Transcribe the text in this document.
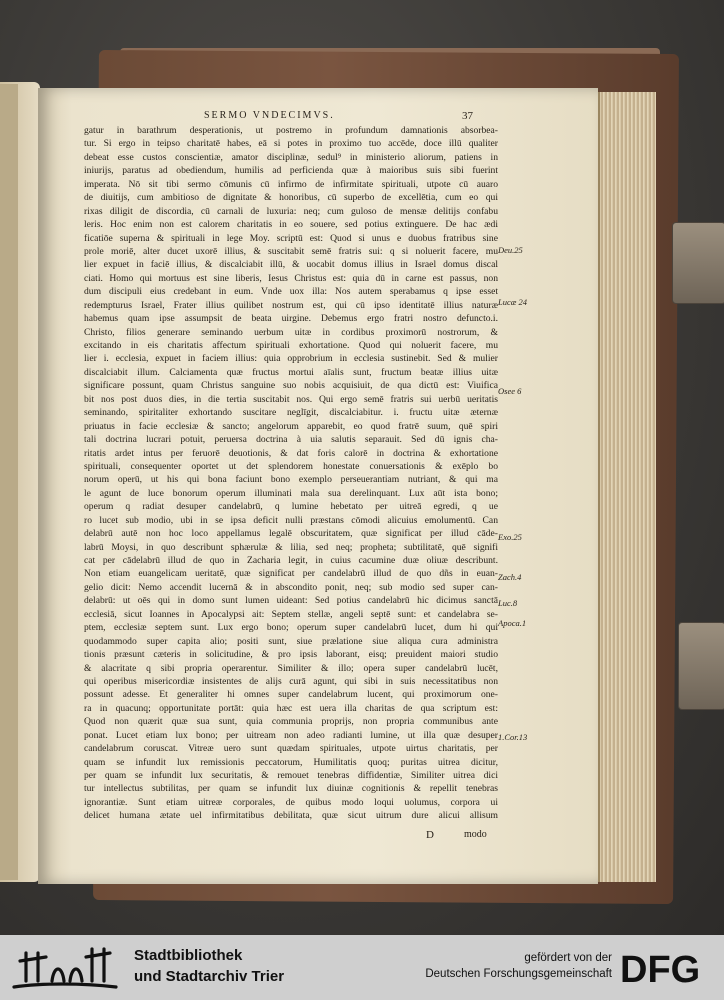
SERMO VNDECIMVS.	37
gatur in barathrum desperationis, ut postremo in profundum damnationis absorbea-
tur. Si ergo in teipso charitatē habes, eā si potes in proximo tuo accēde, doce illū qualiter
debeat esse custos conscientiæ, amator disciplinæ, sedul⁹ in ministerio aliorum, patiens in
iniurijs, paratus ad obediendum, humilis ad perficienda quæ à maioribus suis sibi fuerint
imperata. Nō sit tibi sermo cōmunis cū infirmo de infirmitate spirituali, utpote cū auaro
de diuitijs, cum ambitioso de dignitate & honoribus, cū superbo de excellētia, cum eo qui
rixas diligit de discordia, cū carnali de luxuria: neq; cum guloso de mensæ delitijs confabu
leris. Hoc enim non est calorem charitatis in eo souere, sed potius extinguere. De hac ædi
ficatiōe superna & spirituali in lege Moy. scriptū est: Quod si unus e duobus fratribus sine
prole moriē, alter ducet uxorē illius, & suscitabit semē fratris sui: q si noluerit facere, mu
lier expuet in faciē illius, & discalciabit illū, & uocabit domus illius in Israel domus discal
ciati. Homo qui mortuus est sine liberis, Iesus Christus est: quia dū in carne est passus, non
dum discipuli eius credebant in eum. Vnde uox illa: Nos autem sperabamus q ipse esset
redempturus Israel, Frater illius quilibet nostrum est, qui cū ipso identitatē illius naturæ
habemus quam ipse assumpsit de beata uirgine. Debemus ergo fratri nostro defuncto.i.
Christo, filios generare seminando uerbum uitæ in cordibus proximorū nostrorum, &
excitando in eis charitatis affectum spirituali exhortatione. Quod qui noluerit facere, mu
lier i. ecclesia, expuet in faciem illius: quia opprobrium in ecclesia sustinebit. Sed & mulier
discalciabit illum. Calciamenta quæ fructus mortui aīalis sunt, fructum beatæ illius uitæ
significare possunt, quam Christus sanguine suo nobis acquisiuit, de qua dictū est: Viuifica
bit nos post duos dies, in die tertia suscitabit nos. Qui ergo semē fratris sui uerbū ueritatis
seminando, spiritaliter exhortando suscitare neglīgit, discalciabitur. i. fructu uitæ æternæ
priuatus in facie ecclesiæ & sancto; angelorum apparebit, eo quod fratrē suum, quē spiri
tali doctrina lucrari potuit, peruersa doctrina à uia salutis separauit. Sed dū ignis cha-
ritatis ardet intus per feruorē deuotionis, & dat foris calorē in doctrina & exhortatione
spirituali, consequenter oportet ut det splendorem honestate conuersationis & exēplo bo
norum operū, ut his qui bona faciunt bono exemplo perseuerantiam nutriant, & qui ma
le agunt de luce bonorum operum illuminati mala sua derelinquant. Lux aūt ista bono;
operum q radiat desuper candelabrū, q lumine hebetato per uitreā egredi, q ue
ro lucet sub modio, ubi in se ipsa deficit nulli præstans cōmodi alicuius emolumentū. Can
delabrū autē non hoc loco appellamus legalē obscuritatem, quæ significat per illud cāde-
labrū Moysi, in quo describunt sphærulæ & lilia, sed neq; propheta; subtilitatē, quē signifi
cat per cādelabrū illud de quo in Zacharia legit, in cuius cacumine duæ oliuæ describunt.
Non etiam euangelicam ueritatē, quæ significat per candelabrū illud de quo dñs in euan-
gelio dicit: Nemo accendit lucernā & in abscondito ponit, neq; sub modio sed super can-
delabrū: ut oēs qui in domo sunt lumen uideant: Sed potius candelabrū hic dicimus sanctā
ecclesiā, sicut Ioannes in Apocalypsi ait: Septem stellæ, angeli septē sunt: et candelabra se-
ptem, ecclesiæ septem sunt. Lux ergo bono; operum super candelabrū lucet, dum hi qui
quodammodo super capita alio; positi sunt, siue prælatione siue aliqua cura administra
tionis præsunt cæteris in solicitudine, & pro ipsis laborant, eisq; preuident maiori studio
& alacritate q sibi propria operarentur. Similiter & illo; opera super candelabrū lucēt,
qui operibus misericordiæ insistentes de alijs curā agunt, qui sibi in suis necessitatibus non
possunt adesse. Et generaliter hi omnes super candelabrum lucent, qui proximorum one-
ra in quacunq; opportunitate portāt: quia hæc est uera illa charitas de qua scriptum est:
Quod non quærit quæ sua sunt, quia communia proprijs, non propria communibus ante
ponat. Lucet etiam lux bono; per uitream non adeo radianti lumine, ut illa quæ desuper
candelabrum coruscat. Vitreæ uero sunt quædam spirituales, utpote uirtus charitatis, per
quam se infundit lux remissionis peccatorum, Humilitatis quoq; puritas uitrea dicitur,
per quam se infundit lux securitatis, & remouet tenebras diffidentiæ, Similiter uitrea dici
tur intellectus subtilitas, per quam se infundit lux diuinæ cognitionis & repellit tenebras
ignorantiæ. Sunt etiam uitreæ corporales, de quibus modo loqui uolumus, corpora ui
delicet humana ætate uel infirmitatibus debilitata, quæ sicut uitrum dure alicui allisum
D	modo
Deu.25
Lucæ 24
Osee 6
Exo.25
Zach.4
Luc.8
Apoca.1
1.Cor.13
Stadtbibliothek
und Stadtarchiv Trier
gefördert von der
Deutschen Forschungsgemeinschaft DFG
